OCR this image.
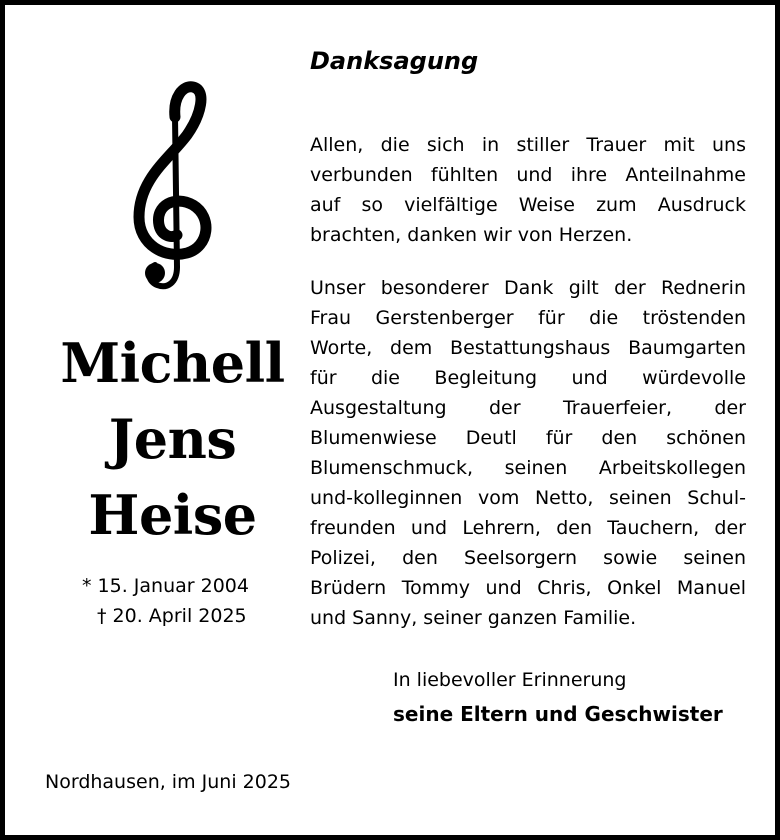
Danksagung
Michell
Jens
Heise
* 15. Januar 2004
† 20. April 2025
Allen, die sich in stiller Trauer mit uns
verbunden fühlten und ihre Anteilnahme
auf so vielfältige Weise zum Ausdruck
brachten, danken wir von Herzen.
Unser besonderer Dank gilt der Rednerin
Frau Gerstenberger für die tröstenden
Worte, dem Bestattungshaus Baumgarten
für die Begleitung und würdevolle
Ausgestaltung der Trauerfeier, der
Blumenwiese Deutl für den schönen
Blumenschmuck, seinen Arbeitskollegen
und-kolleginnen vom Netto, seinen Schul-
freunden und Lehrern, den Tauchern, der
Polizei, den Seelsorgern sowie seinen
Brüdern Tommy und Chris, Onkel Manuel
und Sanny, seiner ganzen Familie.
In liebevoller Erinnerung
seine Eltern und Geschwister
Nordhausen, im Juni 2025
